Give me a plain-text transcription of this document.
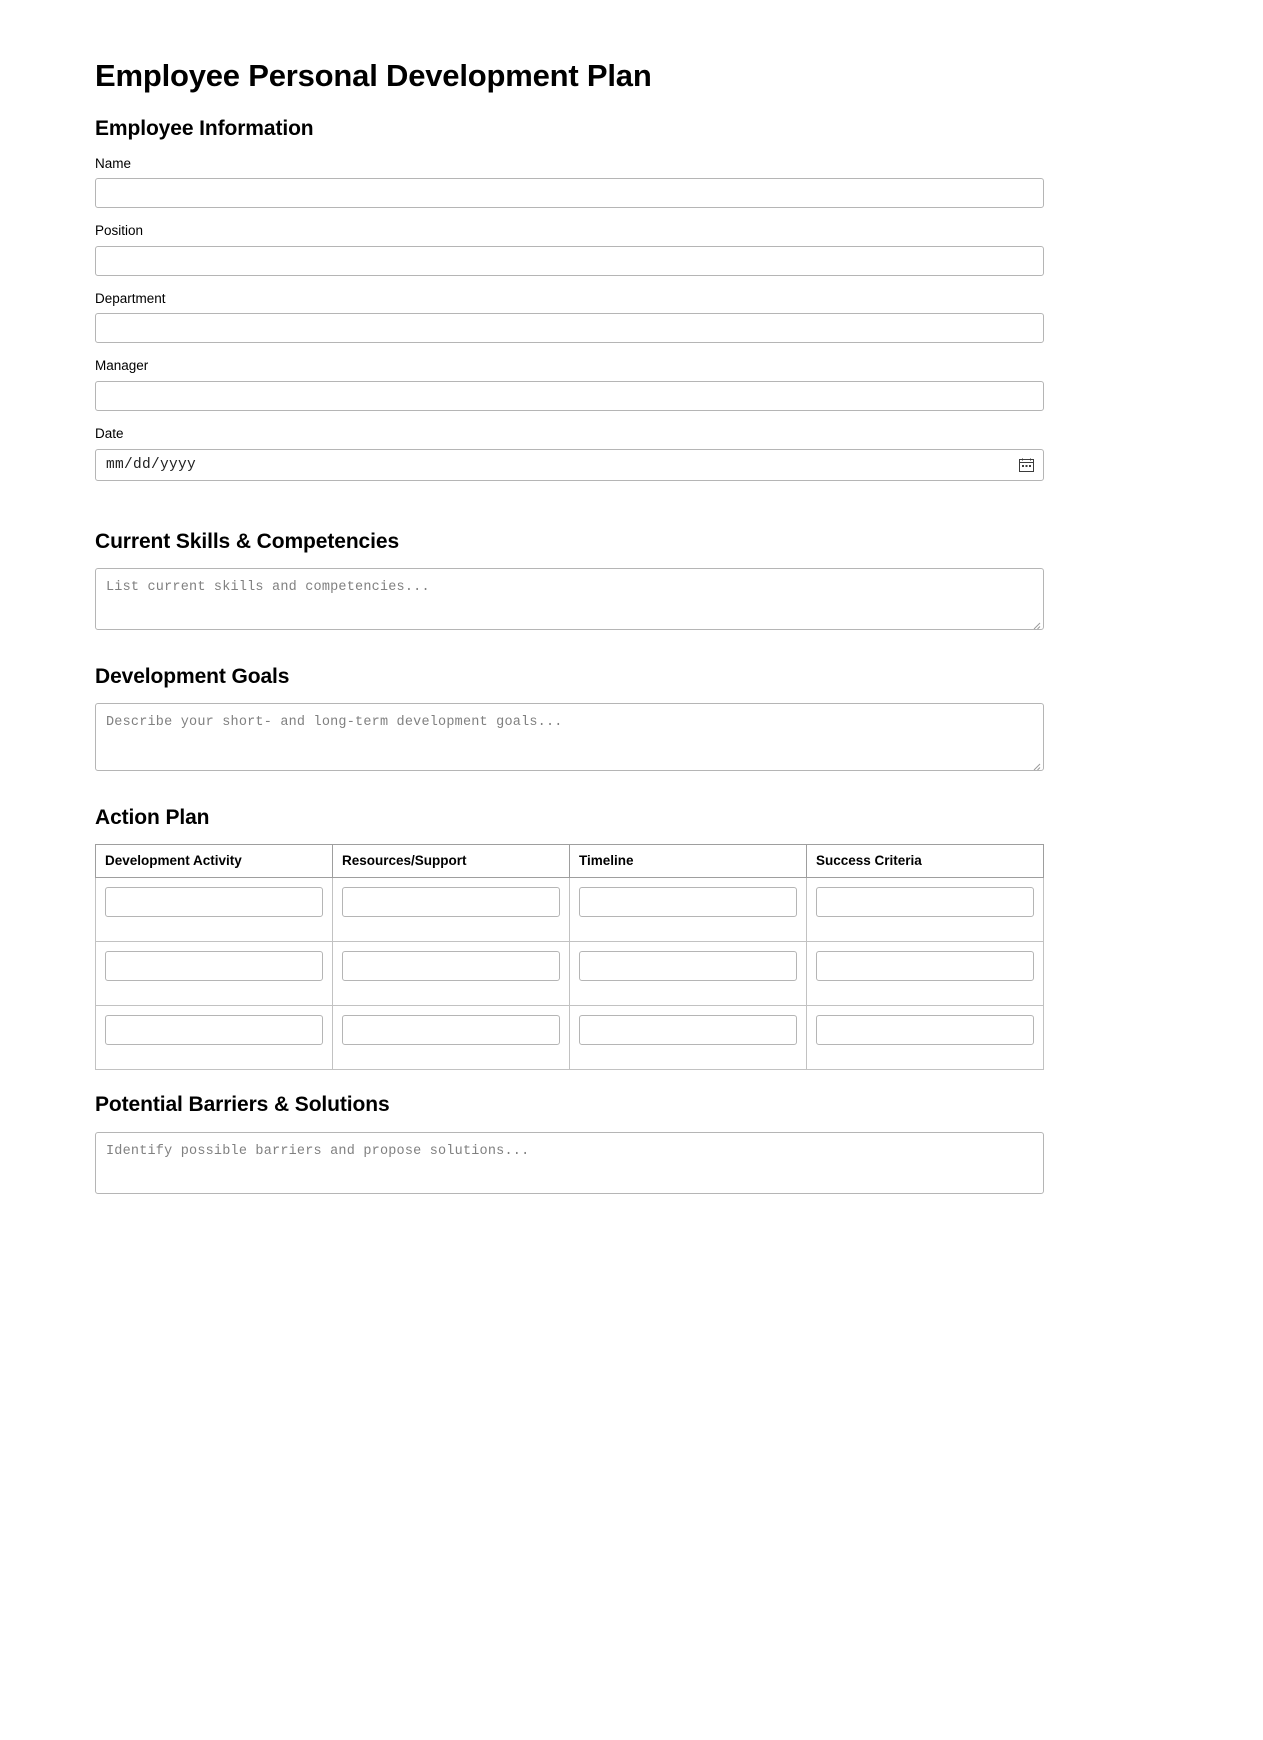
Employee Personal Development Plan
Employee Information
Name
Position
Department
Manager
Date
mm/dd/yyyy
Current Skills & Competencies
List current skills and competencies...
Development Goals
Describe your short- and long-term development goals...
Action Plan
Development Activity	Resources/Support	Timeline	Success Criteria

Potential Barriers & Solutions
Identify possible barriers and propose solutions...
